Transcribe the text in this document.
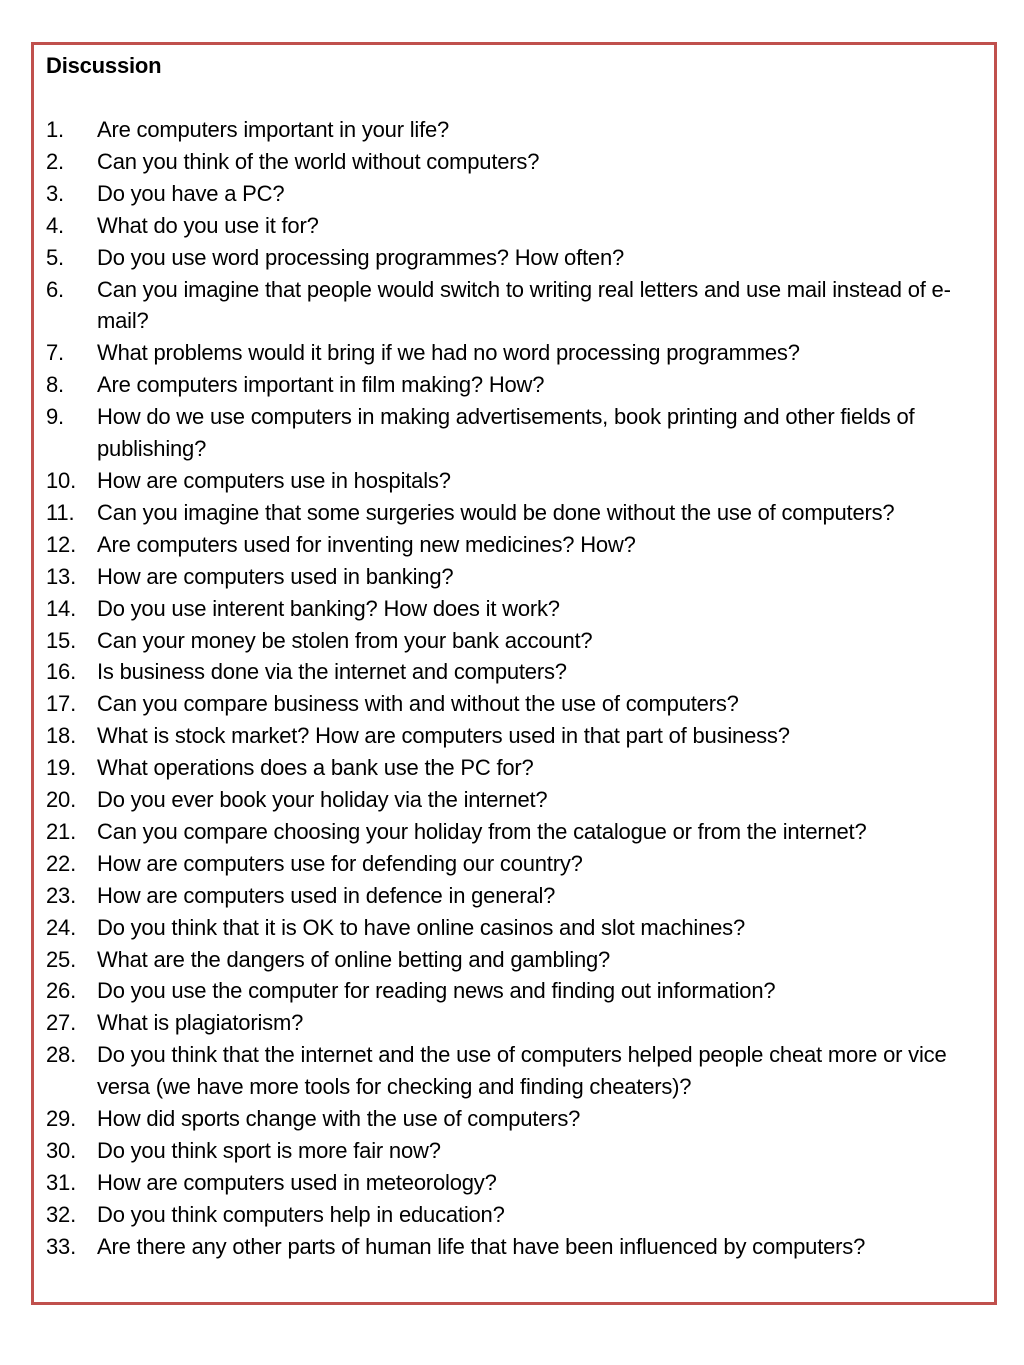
Discussion
1.	Are computers important in your life?
2.	Can you think of the world without computers?
3.	Do you have a PC?
4.	What do you use it for?
5.	Do you use word processing programmes? How often?
6.	Can you imagine that people would switch to writing real letters and use mail instead of e-mail?
7.	What problems would it bring if we had no word processing programmes?
8.	Are computers important in film making? How?
9.	How do we use computers in making advertisements, book printing and other fields of publishing?
10. How are computers use in hospitals?
11.	Can you imagine that some surgeries would be done without the use of computers?
12. Are computers used for inventing new medicines? How?
13. How are computers used in banking?
14. Do you use interent banking? How does it work?
15. Can your money be stolen from your bank account?
16. Is business done via the internet and computers?
17. Can you compare business with and without the use of computers?
18. What is stock market? How are computers used in that part of business?
19. What operations does a bank use the PC for?
20. Do you ever book your holiday via the internet?
21. Can you compare choosing your holiday from the catalogue or from the internet?
22. How are computers use for defending our country?
23. How are computers used in defence in general?
24. Do you think that it is OK to have online casinos and slot machines?
25. What are the dangers of online betting and gambling?
26. Do you use the computer for reading news and finding out information?
27. What is plagiatorism?
28. Do you think that the internet and the use of computers helped people cheat more or vice versa (we have more tools for checking and finding cheaters)?
29. How did sports change with the use of computers?
30. Do you think sport is more fair now?
31. How are computers used in meteorology?
32. Do you think computers help in education?
33. Are there any other parts of human life that have been influenced by computers?
